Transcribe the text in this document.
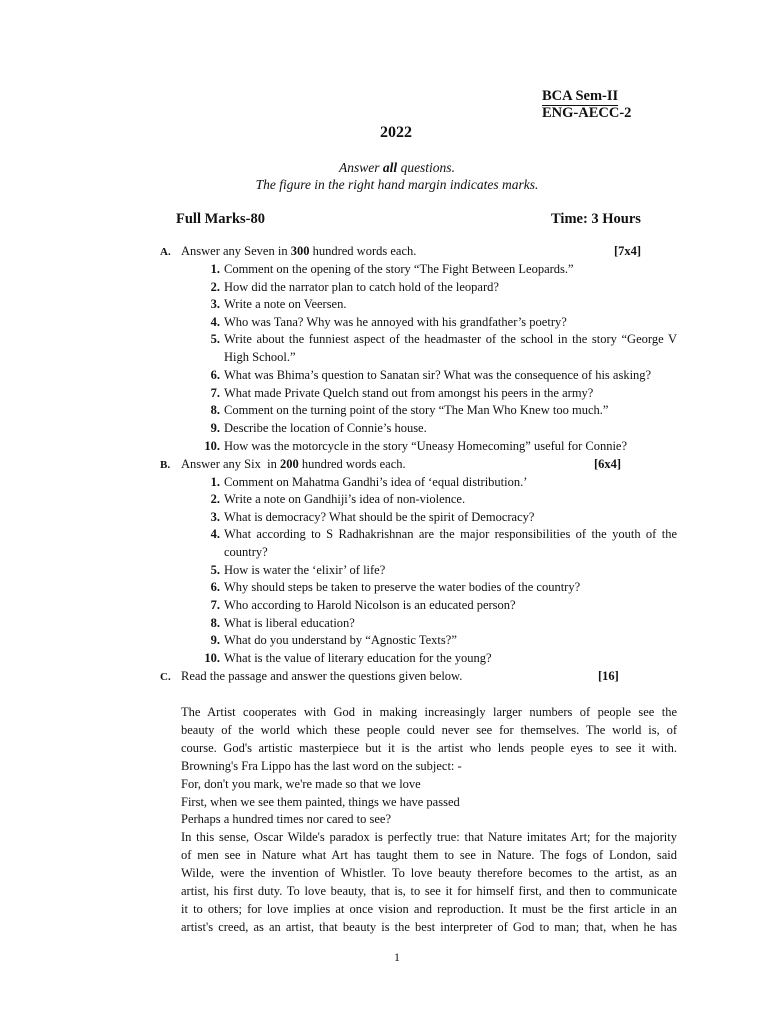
BCA Sem-II
ENG-AECC-2
2022
Answer all questions.
The figure in the right hand margin indicates marks.
Full Marks-80	Time: 3 Hours
A. Answer any Seven in 300 hundred words each.	[7x4]
1. Comment on the opening of the story “The Fight Between Leopards.”
2. How did the narrator plan to catch hold of the leopard?
3. Write a note on Veersen.
4. Who was Tana? Why was he annoyed with his grandfather’s poetry?
5. Write about the funniest aspect of the headmaster of the school in the story “George V High School.”
6. What was Bhima’s question to Sanatan sir? What was the consequence of his asking?
7. What made Private Quelch stand out from amongst his peers in the army?
8. Comment on the turning point of the story “The Man Who Knew too much.”
9. Describe the location of Connie’s house.
10. How was the motorcycle in the story “Uneasy Homecoming” useful for Connie?
B. Answer any Six  in 200 hundred words each.	[6x4]
1. Comment on Mahatma Gandhi’s idea of ‘equal distribution.’
2. Write a note on Gandhiji’s idea of non-violence.
3. What is democracy? What should be the spirit of Democracy?
4. What according to S Radhakrishnan are the major responsibilities of the youth of the country?
5. How is water the ‘elixir’ of life?
6. Why should steps be taken to preserve the water bodies of the country?
7. Who according to Harold Nicolson is an educated person?
8. What is liberal education?
9. What do you understand by “Agnostic Texts?”
10. What is the value of literary education for the young?
C. Read the passage and answer the questions given below.	[16]
The Artist cooperates with God in making increasingly larger numbers of people see the
beauty of the world which these people could never see for themselves. The world is, of
course. God's artistic masterpiece but it is the artist who lends people eyes to see it with.
Browning's Fra Lippo has the last word on the subject: -
For, don't you mark, we're made so that we love
First, when we see them painted, things we have passed
Perhaps a hundred times nor cared to see?
In this sense, Oscar Wilde's paradox is perfectly true: that Nature imitates Art; for the majority
of men see in Nature what Art has taught them to see in Nature. The fogs of London, said
Wilde, were the invention of Whistler. To love beauty therefore becomes to the artist, as an
artist, his first duty. To love beauty, that is, to see it for himself first, and then to communicate
it to others; for love implies at once vision and reproduction. It must be the first article in an
artist's creed, as an artist, that beauty is the best interpreter of God to man; that, when he has
1
